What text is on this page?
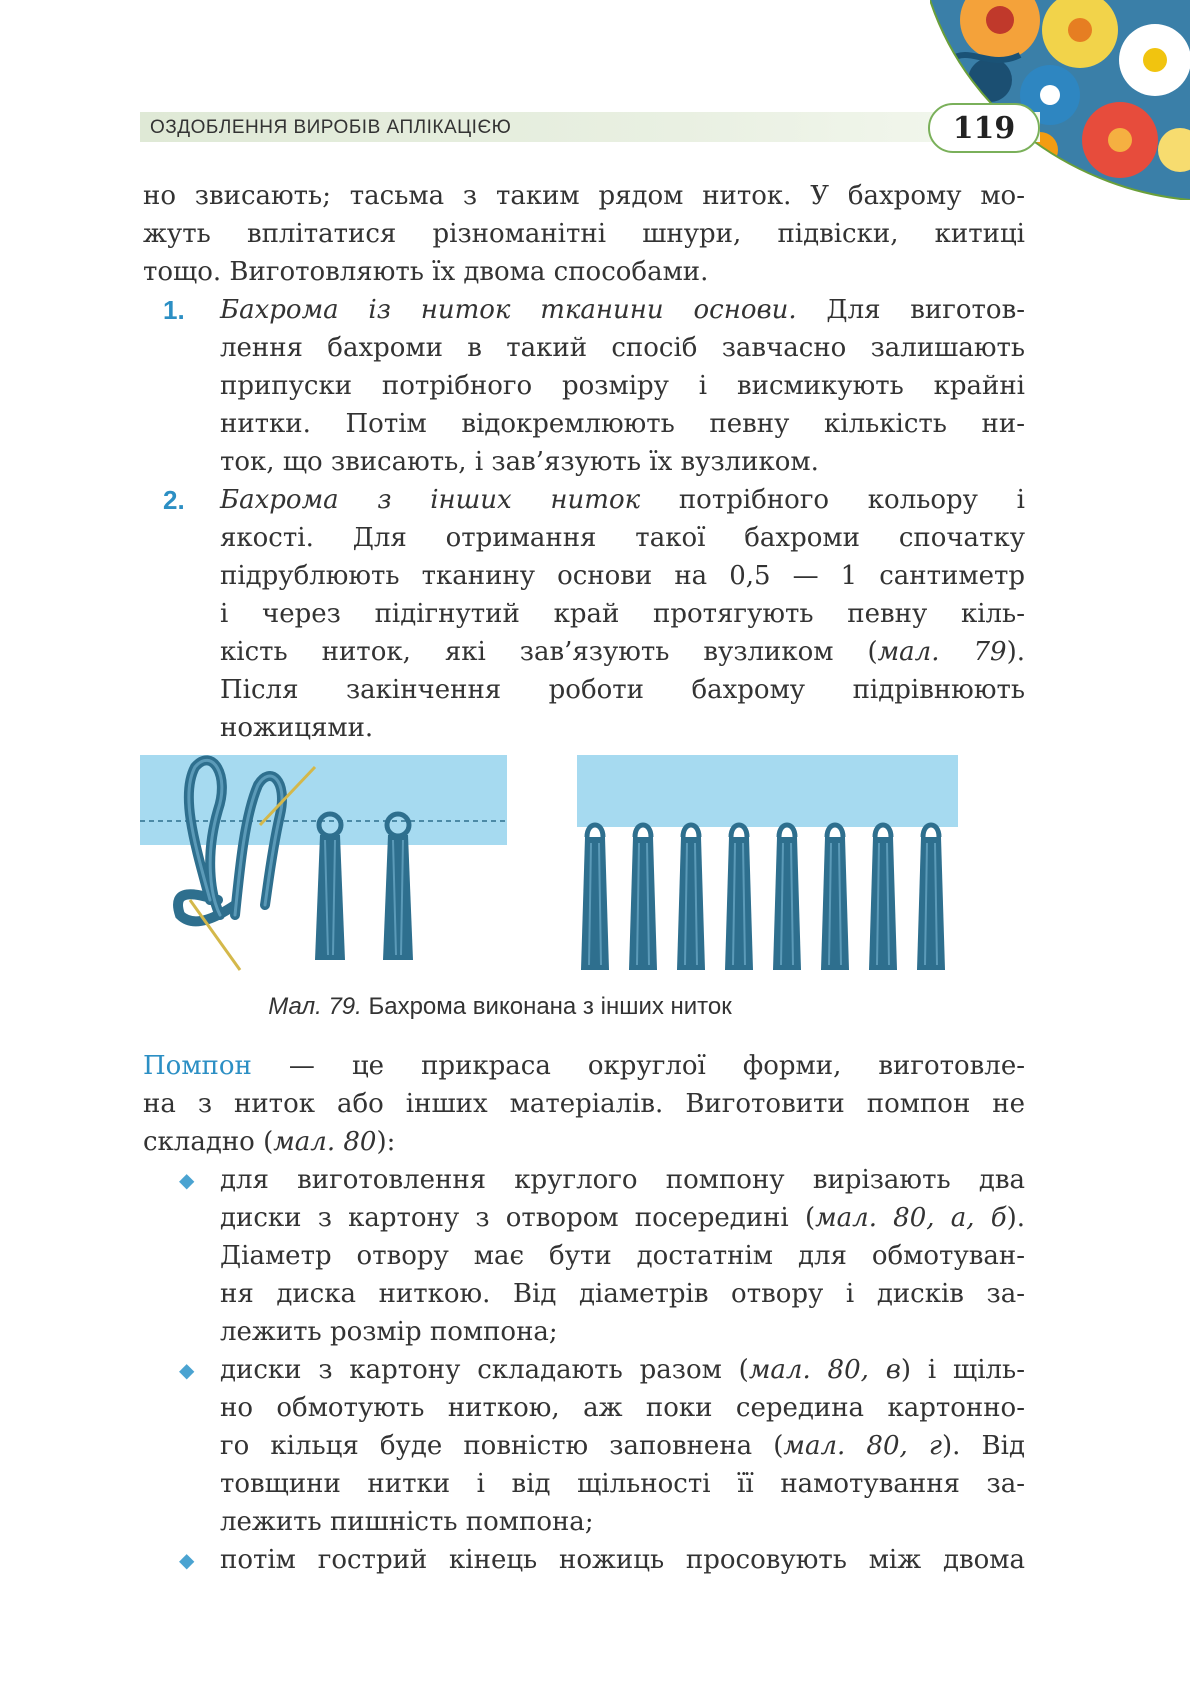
ОЗДОБЛЕННЯ ВИРОБІВ АПЛІКАЦІЄЮ	119
но звисають; тасьма з таким рядом ниток. У бахрому мо-
жуть вплітатися різноманітні шнури, підвіски, китиці
тощо. Виготовляють їх двома способами.
1. Бахрома із ниток тканини основи. Для виготов-
лення бахроми в такий спосіб завчасно залишають
припуски потрібного розміру і висмикують крайні
нитки. Потім відокремлюють певну кількість ни-
ток, що звисають, і зав’язують їх вузликом.
2. Бахрома з інших ниток потрібного кольору і
якості. Для отримання такої бахроми спочатку
підрублюють тканину основи на 0,5 — 1 сантиметр
і через підігнутий край протягують певну кіль-
кість ниток, які зав’язують вузликом (мал. 79).
Після закінчення роботи бахрому підрівнюють
ножицями.
Мал. 79. Бахрома виконана з інших ниток
Помпон — це прикраса округлої форми, виготовле-
на з ниток або інших матеріалів. Виготовити помпон не
складно (мал. 80):
◆ для виготовлення круглого помпону вирізають два
диски з картону з отвором посередині (мал. 80, а, б).
Діаметр отвору має бути достатнім для обмотуван-
ня диска ниткою. Від діаметрів отвору і дисків за-
лежить розмір помпона;
◆ диски з картону складають разом (мал. 80, в) і щіль-
но обмотують ниткою, аж поки середина картонно-
го кільця буде повністю заповнена (мал. 80, г). Від
товщини нитки і від щільності її намотування за-
лежить пишність помпона;
◆ потім гострий кінець ножиць просовують між двома
